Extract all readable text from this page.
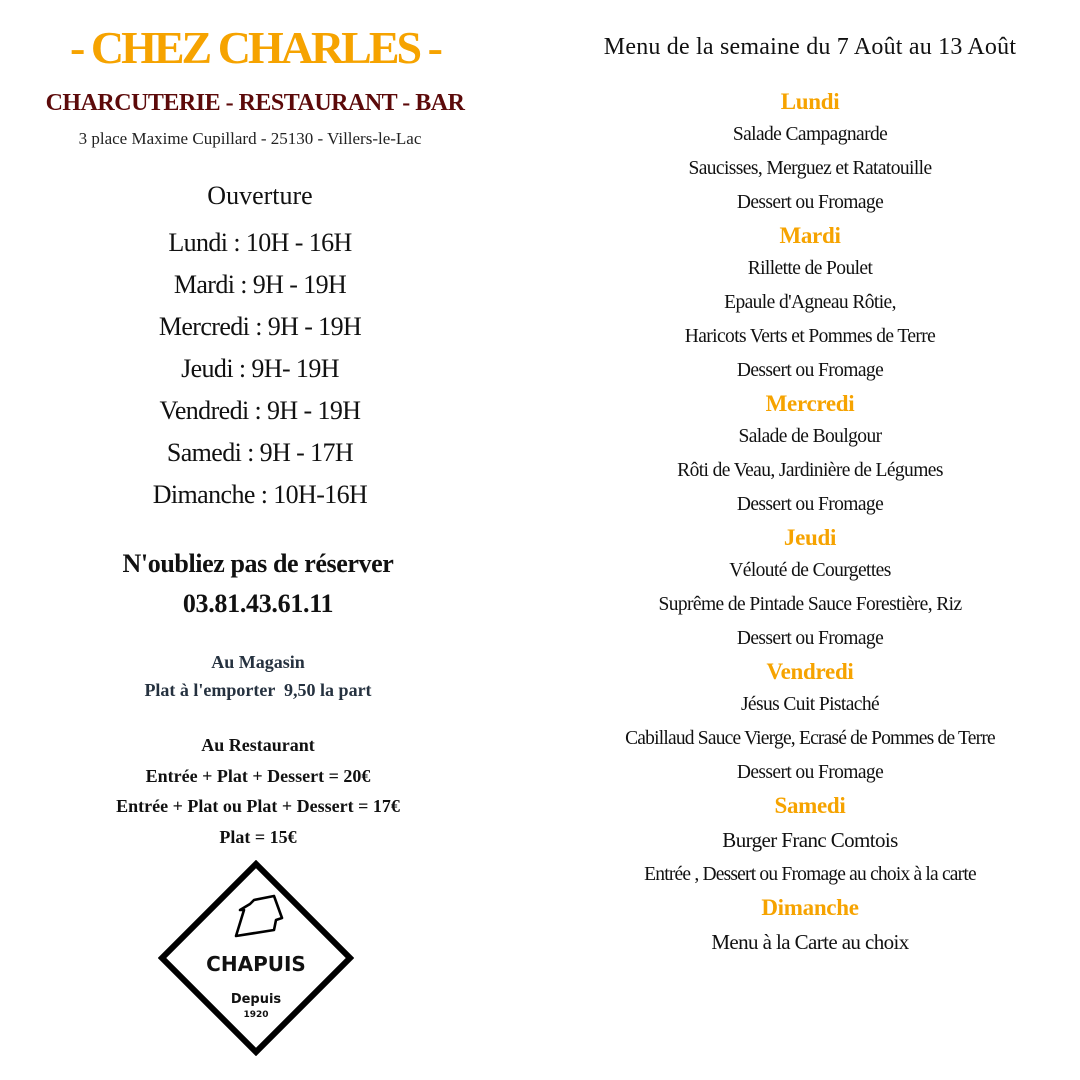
- CHEZ CHARLES -
CHARCUTERIE - RESTAURANT - BAR
3 place Maxime Cupillard - 25130 - Villers-le-Lac
Ouverture
Lundi : 10H - 16H
Mardi : 9H - 19H
Mercredi : 9H - 19H
Jeudi : 9H- 19H
Vendredi : 9H - 19H
Samedi : 9H - 17H
Dimanche : 10H-16H
N'oubliez pas de réserver
03.81.43.61.11
Au Magasin
Plat à l'emporter  9,50 la part
Au Restaurant
Entrée + Plat + Dessert = 20€
Entrée + Plat ou Plat + Dessert = 17€
Plat = 15€
CHAPUIS
Depuis
1920
Menu de la semaine du 7 Août au 13 Août
Lundi
Salade Campagnarde
Saucisses, Merguez et Ratatouille
Dessert ou Fromage
Mardi
Rillette de Poulet
Epaule d'Agneau Rôtie,
Haricots Verts et Pommes de Terre
Dessert ou Fromage
Mercredi
Salade de Boulgour
Rôti de Veau, Jardinière de Légumes
Dessert ou Fromage
Jeudi
Vélouté de Courgettes
Suprême de Pintade Sauce Forestière, Riz
Dessert ou Fromage
Vendredi
Jésus Cuit Pistaché
Cabillaud Sauce Vierge, Ecrasé de Pommes de Terre
Dessert ou Fromage
Samedi
Burger Franc Comtois
Entrée , Dessert ou Fromage au choix à la carte
Dimanche
Menu à la Carte au choix
